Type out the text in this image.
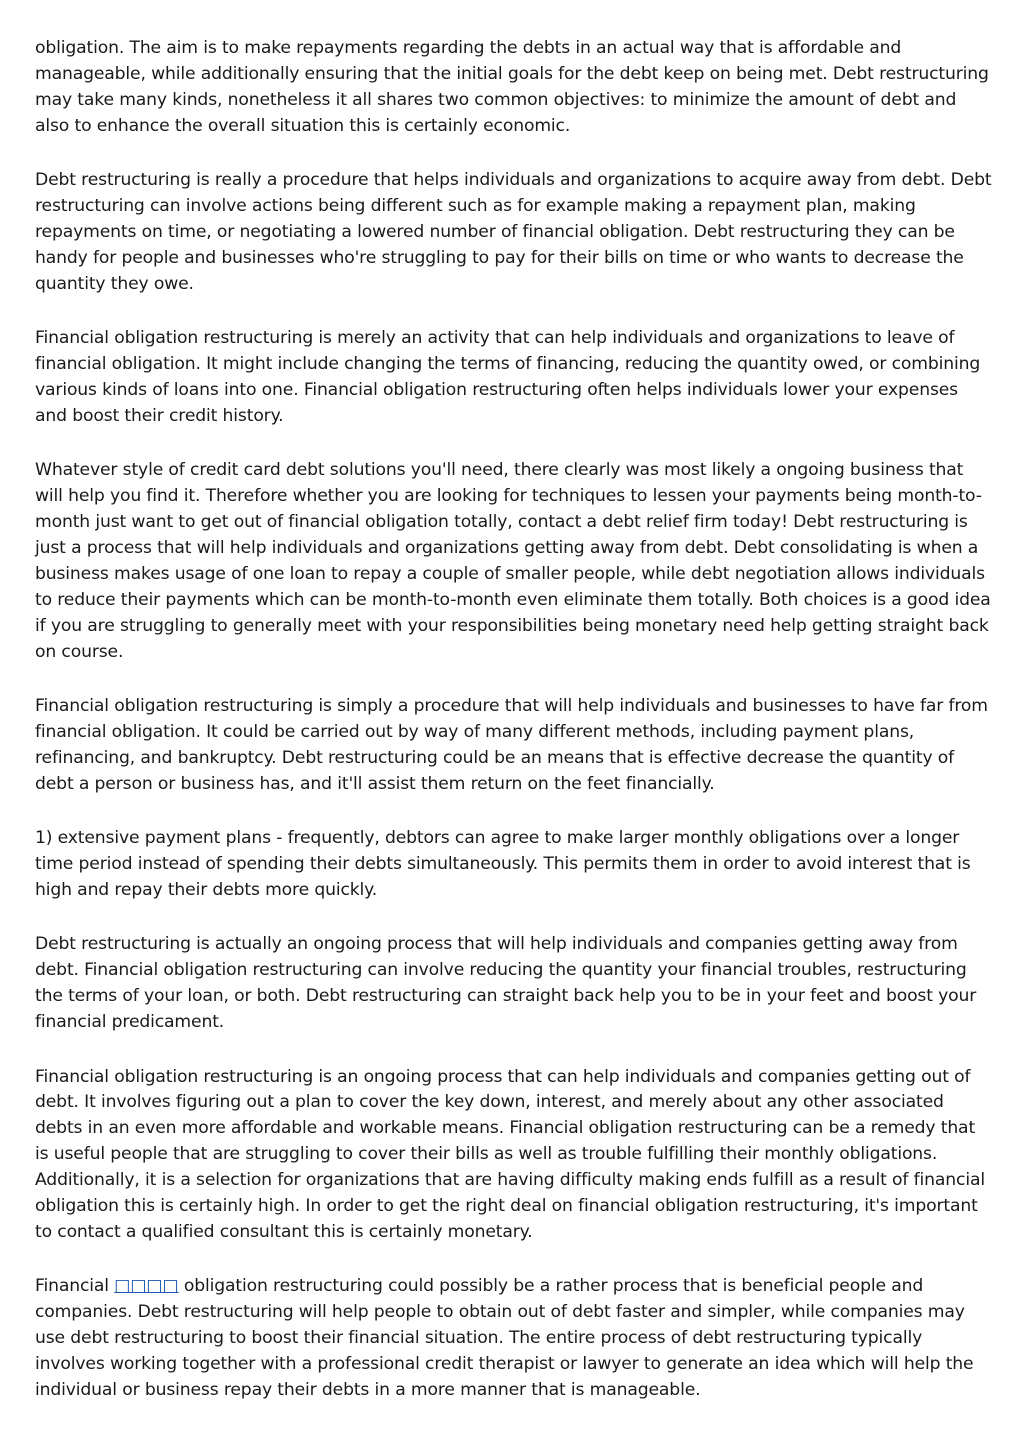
obligation. The aim is to make repayments regarding the debts in an actual way that is affordable and manageable, while additionally ensuring that the initial goals for the debt keep on being met. Debt restructuring may take many kinds, nonetheless it all shares two common objectives: to minimize the amount of debt and also to enhance the overall situation this is certainly economic.

Debt restructuring is really a procedure that helps individuals and organizations to acquire away from debt. Debt restructuring can involve actions being different such as for example making a repayment plan, making repayments on time, or negotiating a lowered number of financial obligation. Debt restructuring they can be handy for people and businesses who're struggling to pay for their bills on time or who wants to decrease the quantity they owe.

Financial obligation restructuring is merely an activity that can help individuals and organizations to leave of financial obligation. It might include changing the terms of financing, reducing the quantity owed, or combining various kinds of loans into one. Financial obligation restructuring often helps individuals lower your expenses and boost their credit history.

Whatever style of credit card debt solutions you'll need, there clearly was most likely a ongoing business that will help you find it. Therefore whether you are looking for techniques to lessen your payments being month-to-month just want to get out of financial obligation totally, contact a debt relief firm today! Debt restructuring is just a process that will help individuals and organizations getting away from debt. Debt consolidating is when a business makes usage of one loan to repay a couple of smaller people, while debt negotiation allows individuals to reduce their payments which can be month-to-month even eliminate them totally. Both choices is a good idea if you are struggling to generally meet with your responsibilities being monetary need help getting straight back on course.

Financial obligation restructuring is simply a procedure that will help individuals and businesses to have far from financial obligation. It could be carried out by way of many different methods, including payment plans, refinancing, and bankruptcy. Debt restructuring could be an means that is effective decrease the quantity of debt a person or business has, and it'll assist them return on the feet financially.

1) extensive payment plans - frequently, debtors can agree to make larger monthly obligations over a longer time period instead of spending their debts simultaneously. This permits them in order to avoid interest that is high and repay their debts more quickly.

Debt restructuring is actually an ongoing process that will help individuals and companies getting away from debt. Financial obligation restructuring can involve reducing the quantity your financial troubles, restructuring the terms of your loan, or both. Debt restructuring can straight back help you to be in your feet and boost your financial predicament.

Financial obligation restructuring is an ongoing process that can help individuals and companies getting out of debt. It involves figuring out a plan to cover the key down, interest, and merely about any other associated debts in an even more affordable and workable means. Financial obligation restructuring can be a remedy that is useful people that are struggling to cover their bills as well as trouble fulfilling their monthly obligations. Additionally, it is a selection for organizations that are having difficulty making ends fulfill as a result of financial obligation this is certainly high. In order to get the right deal on financial obligation restructuring, it's important to contact a qualified consultant this is certainly monetary.

Financial □□□□ obligation restructuring could possibly be a rather process that is beneficial people and companies. Debt restructuring will help people to obtain out of debt faster and simpler, while companies may use debt restructuring to boost their financial situation. The entire process of debt restructuring typically involves working together with a professional credit therapist or lawyer to generate an idea which will help the individual or business repay their debts in a more manner that is manageable.
